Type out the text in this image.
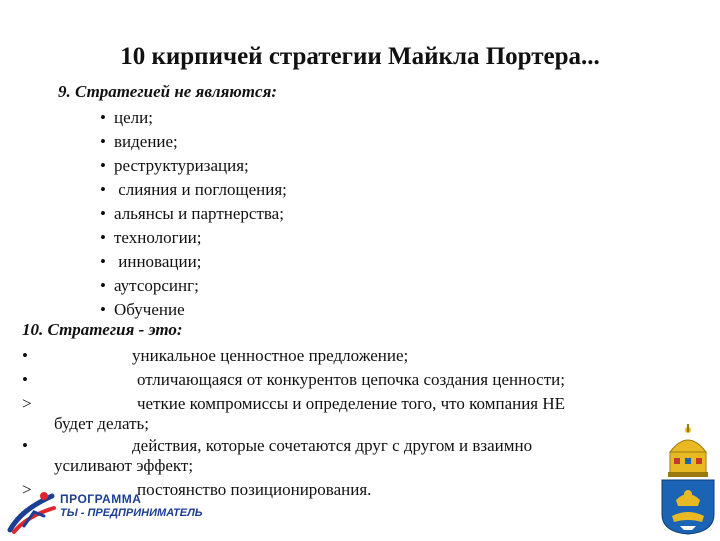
10 кирпичей стратегии Майкла Портера...
9. Стратегией не являются:
• цели;
• видение;
• реструктуризация;
• слияния и поглощения;
• альянсы и партнерства;
• технологии;
• инновации;
• аутсорсинг;
• Обучение
10. Стратегия - это:
•	уникальное ценностное предложение;
•	отличающаяся от конкурентов цепочка создания ценности;
>	четкие компромиссы и определение того, что компания НЕ
будет делать;
•	действия, которые сочетаются друг с другом и взаимно
усиливают эффект;
>	постоянство позиционирования.
ПРОГРАММА
ТЫ - ПРЕДПРИНИМАТЕЛЬ
